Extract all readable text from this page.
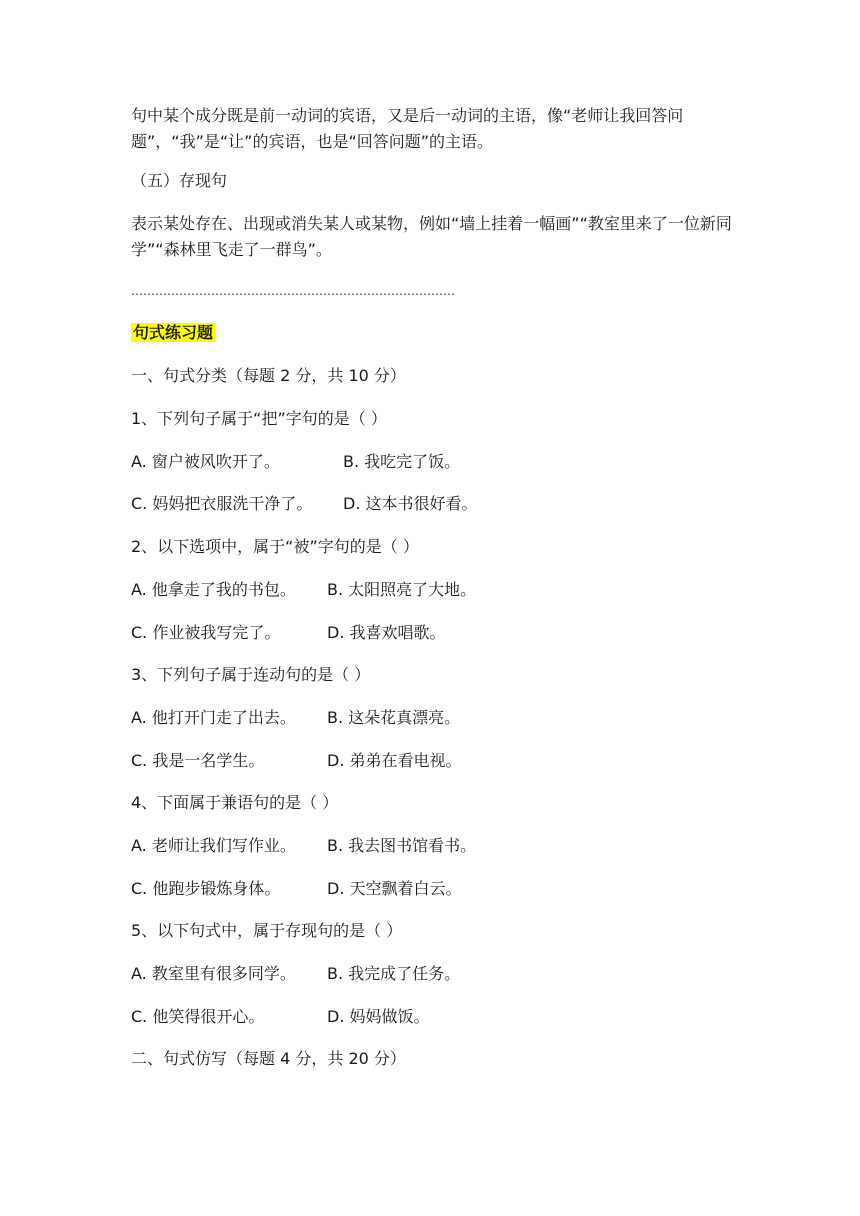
句中某个成分既是前一动词的宾语，又是后一动词的主语，像“老师让我回答问题”，“我”是“让”的宾语，也是“回答问题”的主语。
（五）存现句
表示某处存在、出现或消失某人或某物，例如“墙上挂着一幅画”“教室里来了一位新同学”“森林里飞走了一群鸟”。
………………………………………………………………………
句式练习题
一、句式分类（每题 2 分，共 10 分）
1、下列句子属于“把”字句的是（ ）
A. 窗户被风吹开了。	B. 我吃完了饭。
C. 妈妈把衣服洗干净了。 D. 这本书很好看。
2、以下选项中，属于“被”字句的是（ ）
A. 他拿走了我的书包。 B. 太阳照亮了大地。
C. 作业被我写完了。	D. 我喜欢唱歌。
3、下列句子属于连动句的是（ ）
A. 他打开门走了出去。 B. 这朵花真漂亮。
C. 我是一名学生。	D. 弟弟在看电视。
4、下面属于兼语句的是（ ）
A. 老师让我们写作业。 B. 我去图书馆看书。
C. 他跑步锻炼身体。	D. 天空飘着白云。
5、以下句式中，属于存现句的是（ ）
A. 教室里有很多同学。 B. 我完成了任务。
C. 他笑得很开心。	D. 妈妈做饭。
二、句式仿写（每题 4 分，共 20 分）
